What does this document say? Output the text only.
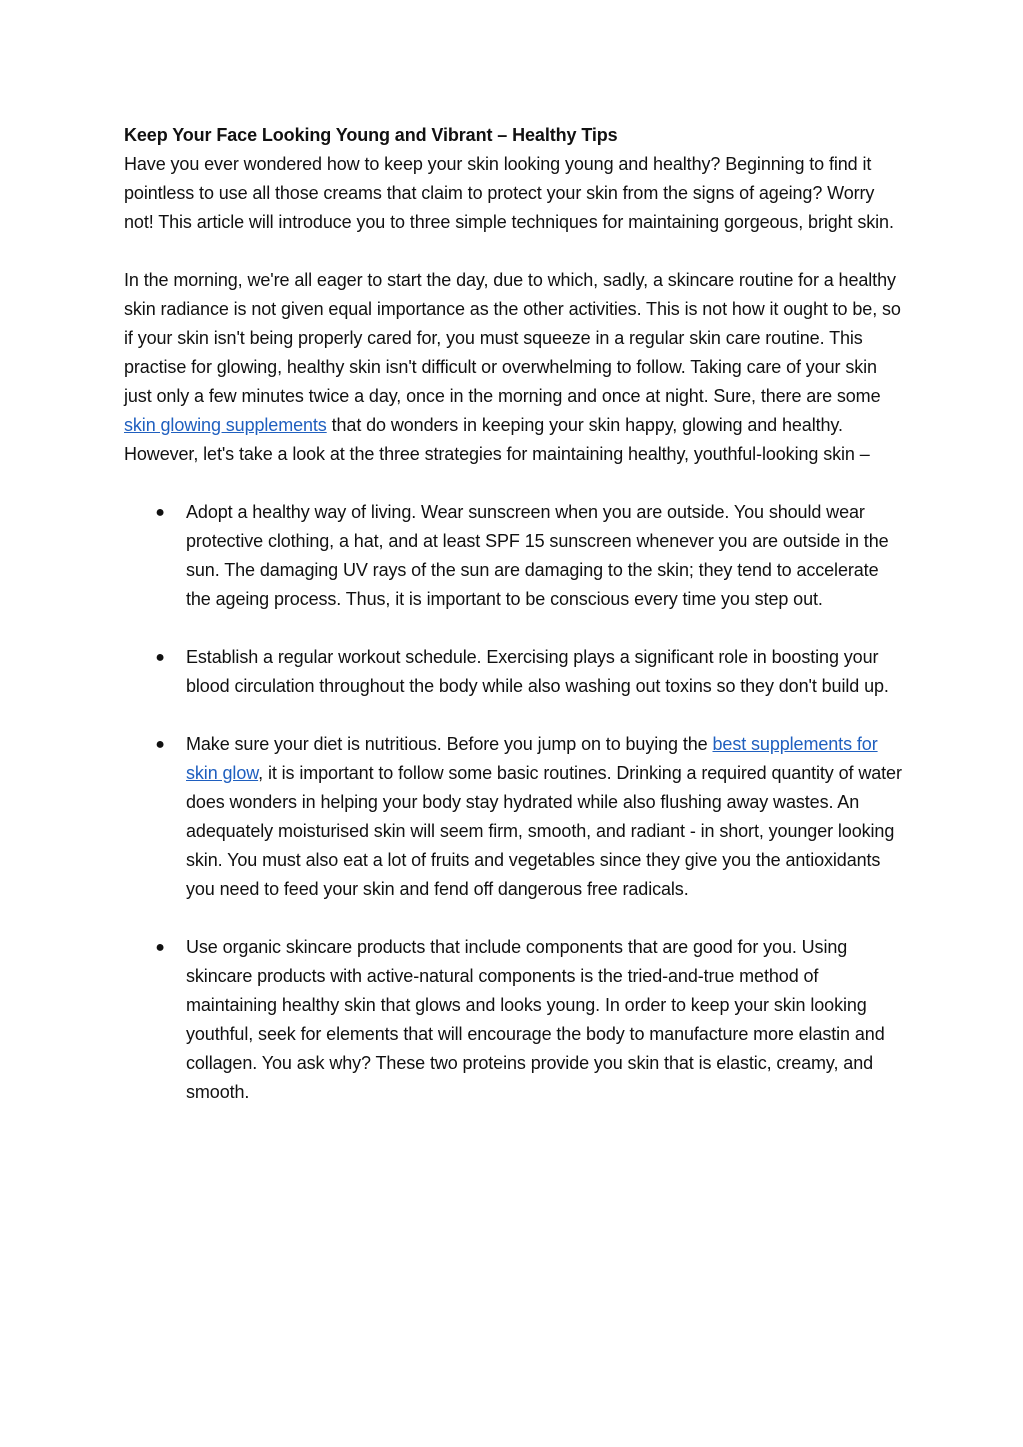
Keep Your Face Looking Young and Vibrant – Healthy Tips

Have you ever wondered how to keep your skin looking young and healthy? Beginning to find it pointless to use all those creams that claim to protect your skin from the signs of ageing? Worry not! This article will introduce you to three simple techniques for maintaining gorgeous, bright skin.

In the morning, we're all eager to start the day, due to which, sadly, a skincare routine for a healthy skin radiance is not given equal importance as the other activities. This is not how it ought to be, so if your skin isn't being properly cared for, you must squeeze in a regular skin care routine. This practise for glowing, healthy skin isn't difficult or overwhelming to follow. Taking care of your skin just only a few minutes twice a day, once in the morning and once at night. Sure, there are some skin glowing supplements that do wonders in keeping your skin happy, glowing and healthy. However, let's take a look at the three strategies for maintaining healthy, youthful-looking skin –

● Adopt a healthy way of living. Wear sunscreen when you are outside. You should wear protective clothing, a hat, and at least SPF 15 sunscreen whenever you are outside in the sun. The damaging UV rays of the sun are damaging to the skin; they tend to accelerate the ageing process. Thus, it is important to be conscious every time you step out.
● Establish a regular workout schedule. Exercising plays a significant role in boosting your blood circulation throughout the body while also washing out toxins so they don't build up.
● Make sure your diet is nutritious. Before you jump on to buying the best supplements for skin glow, it is important to follow some basic routines. Drinking a required quantity of water does wonders in helping your body stay hydrated while also flushing away wastes. An adequately moisturised skin will seem firm, smooth, and radiant - in short, younger looking skin. You must also eat a lot of fruits and vegetables since they give you the antioxidants you need to feed your skin and fend off dangerous free radicals.
● Use organic skincare products that include components that are good for you. Using skincare products with active-natural components is the tried-and-true method of maintaining healthy skin that glows and looks young. In order to keep your skin looking youthful, seek for elements that will encourage the body to manufacture more elastin and collagen. You ask why? These two proteins provide you skin that is elastic, creamy, and smooth.
